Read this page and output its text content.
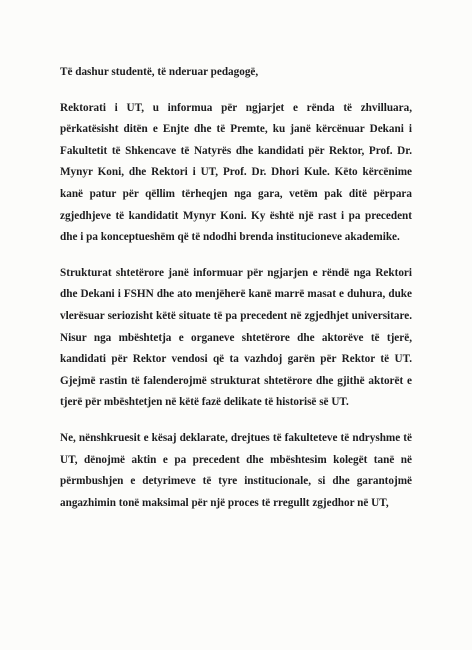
Të dashur studentë, të nderuar pedagogë,

Rektorati i UT, u informua për ngjarjet e rënda të zhvilluara, përkatësisht ditën e Enjte dhe të Premte, ku janë kërcënuar Dekani i Fakultetit të Shkencave të Natyrës dhe kandidati për Rektor, Prof. Dr. Mynyr Koni, dhe Rektori i UT, Prof. Dr. Dhori Kule. Këto kërcënime kanë patur për qëllim tërheqjen nga gara, vetëm pak ditë përpara zgjedhjeve të kandidatit Mynyr Koni. Ky është një rast i pa precedent dhe i pa konceptueshëm që të ndodhi brenda institucioneve akademike.

Strukturat shtetërore janë informuar për ngjarjen e rëndë nga Rektori dhe Dekani i FSHN dhe ato menjëherë kanë marrë masat e duhura, duke vlerësuar seriozisht këtë situate të pa precedent në zgjedhjet universitare. Nisur nga mbështetja e organeve shtetërore dhe aktorëve të tjerë, kandidati për Rektor vendosi që ta vazhdoj garën për Rektor të UT. Gjejmë rastin të falenderojmë strukturat shtetërore dhe gjithë aktorët e tjerë për mbështetjen në këtë fazë delikate të historisë së UT.

Ne, nënshkruesit e kësaj deklarate, drejtues të fakulteteve të ndryshme të UT, dënojmë aktin e pa precedent dhe mbështesim kolegët tanë në përmbushjen e detyrimeve të tyre institucionale, si dhe garantojmë angazhimin tonë maksimal për një proces të rregullt zgjedhor në UT,
